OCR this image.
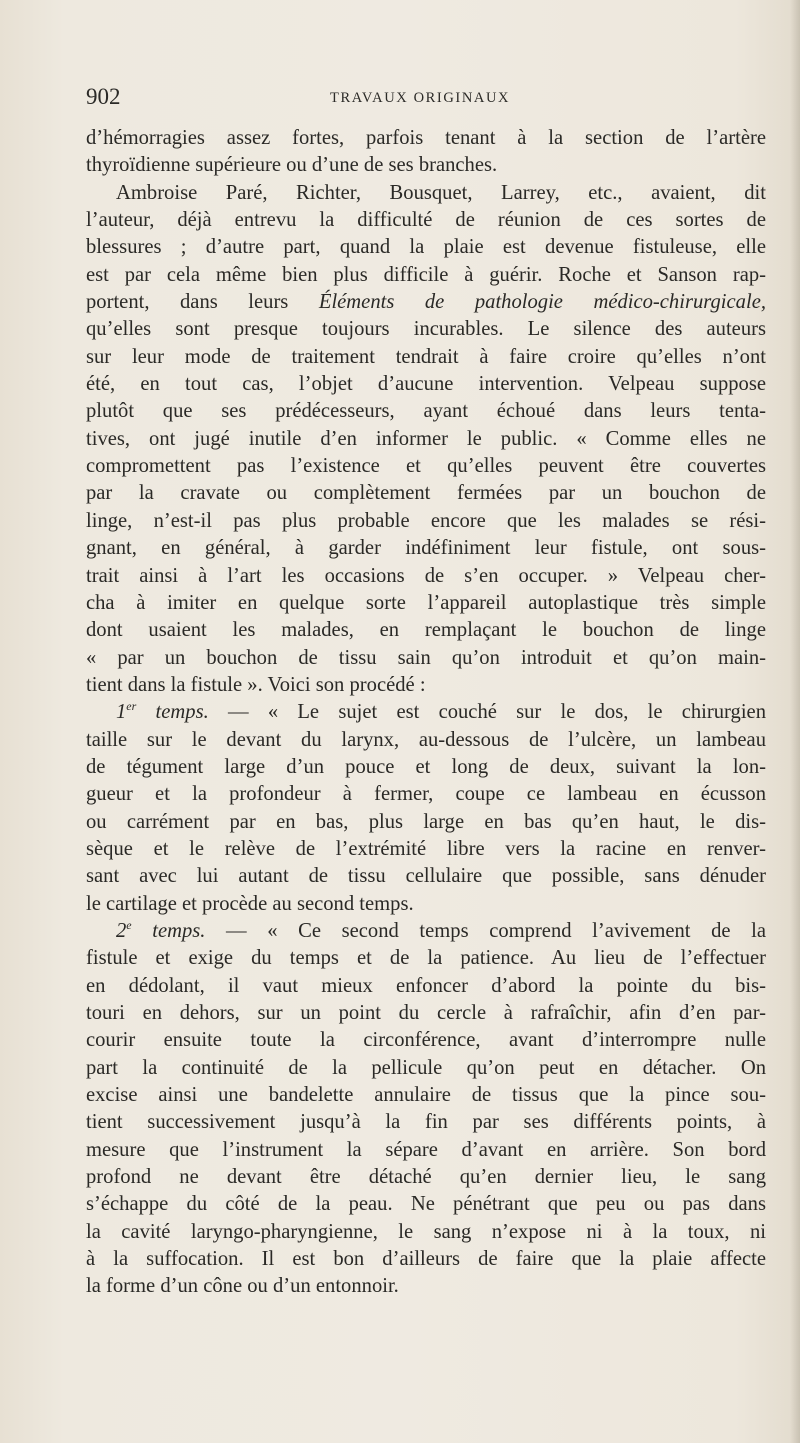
902	TRAVAUX ORIGINAUX
d’hémorragies assez fortes, parfois tenant à la section de l’artère
thyroïdienne supérieure ou d’une de ses branches.
Ambroise Paré, Richter, Bousquet, Larrey, etc., avaient, dit
l’auteur, déjà entrevu la difficulté de réunion de ces sortes de
blessures ; d’autre part, quand la plaie est devenue fistuleuse, elle
est par cela même bien plus difficile à guérir. Roche et Sanson rap-
portent, dans leurs Éléments de pathologie médico-chirurgicale,
qu’elles sont presque toujours incurables. Le silence des auteurs
sur leur mode de traitement tendrait à faire croire qu’elles n’ont
été, en tout cas, l’objet d’aucune intervention. Velpeau suppose
plutôt que ses prédécesseurs, ayant échoué dans leurs tenta-
tives, ont jugé inutile d’en informer le public. « Comme elles ne
compromettent pas l’existence et qu’elles peuvent être couvertes
par la cravate ou complètement fermées par un bouchon de
linge, n’est-il pas plus probable encore que les malades se rési-
gnant, en général, à garder indéfiniment leur fistule, ont sous-
trait ainsi à l’art les occasions de s’en occuper. » Velpeau cher-
cha à imiter en quelque sorte l’appareil autoplastique très simple
dont usaient les malades, en remplaçant le bouchon de linge
« par un bouchon de tissu sain qu’on introduit et qu’on main-
tient dans la fistule ». Voici son procédé :
1er temps. — « Le sujet est couché sur le dos, le chirurgien
taille sur le devant du larynx, au-dessous de l’ulcère, un lambeau
de tégument large d’un pouce et long de deux, suivant la lon-
gueur et la profondeur à fermer, coupe ce lambeau en écusson
ou carrément par en bas, plus large en bas qu’en haut, le dis-
sèque et le relève de l’extrémité libre vers la racine en renver-
sant avec lui autant de tissu cellulaire que possible, sans dénuder
le cartilage et procède au second temps.
2e temps. — « Ce second temps comprend l’avivement de la
fistule et exige du temps et de la patience. Au lieu de l’effectuer
en dédolant, il vaut mieux enfoncer d’abord la pointe du bis-
touri en dehors, sur un point du cercle à rafraîchir, afin d’en par-
courir ensuite toute la circonférence, avant d’interrompre nulle
part la continuité de la pellicule qu’on peut en détacher. On
excise ainsi une bandelette annulaire de tissus que la pince sou-
tient successivement jusqu’à la fin par ses différents points, à
mesure que l’instrument la sépare d’avant en arrière. Son bord
profond ne devant être détaché qu’en dernier lieu, le sang
s’échappe du côté de la peau. Ne pénétrant que peu ou pas dans
la cavité laryngo-pharyngienne, le sang n’expose ni à la toux, ni
à la suffocation. Il est bon d’ailleurs de faire que la plaie affecte
la forme d’un cône ou d’un entonnoir.
